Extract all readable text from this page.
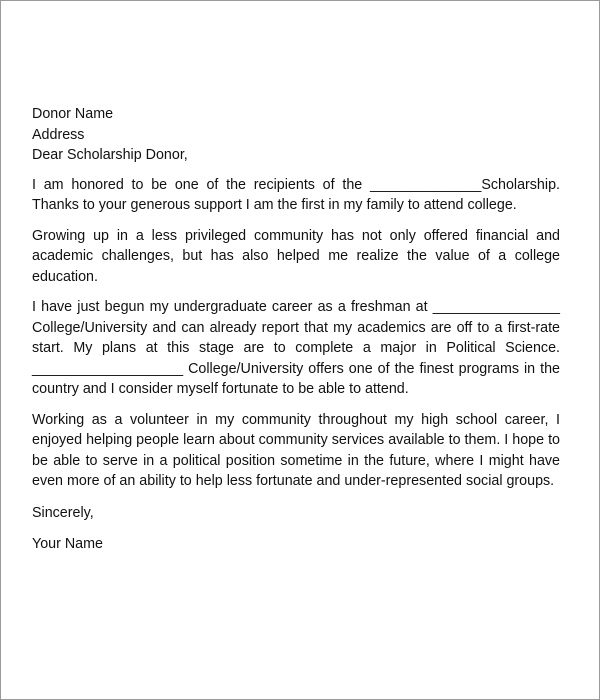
Donor Name

Address

Dear Scholarship Donor,

I am honored to be one of the recipients of the ______________Scholarship. Thanks to your generous support I am the first in my family to attend college.

Growing up in a less privileged community has not only offered financial and academic challenges, but has also helped me realize the value of a college education.

I have just begun my undergraduate career as a freshman at ________________ College/University and can already report that my academics are off to a first-rate start. My plans at this stage are to complete a major in Political Science. ___________________ College/University offers one of the finest programs in the country and I consider myself fortunate to be able to attend.

Working as a volunteer in my community throughout my high school career, I enjoyed helping people learn about community services available to them. I hope to be able to serve in a political position sometime in the future, where I might have even more of an ability to help less fortunate and under-represented social groups.

Sincerely,

Your Name
